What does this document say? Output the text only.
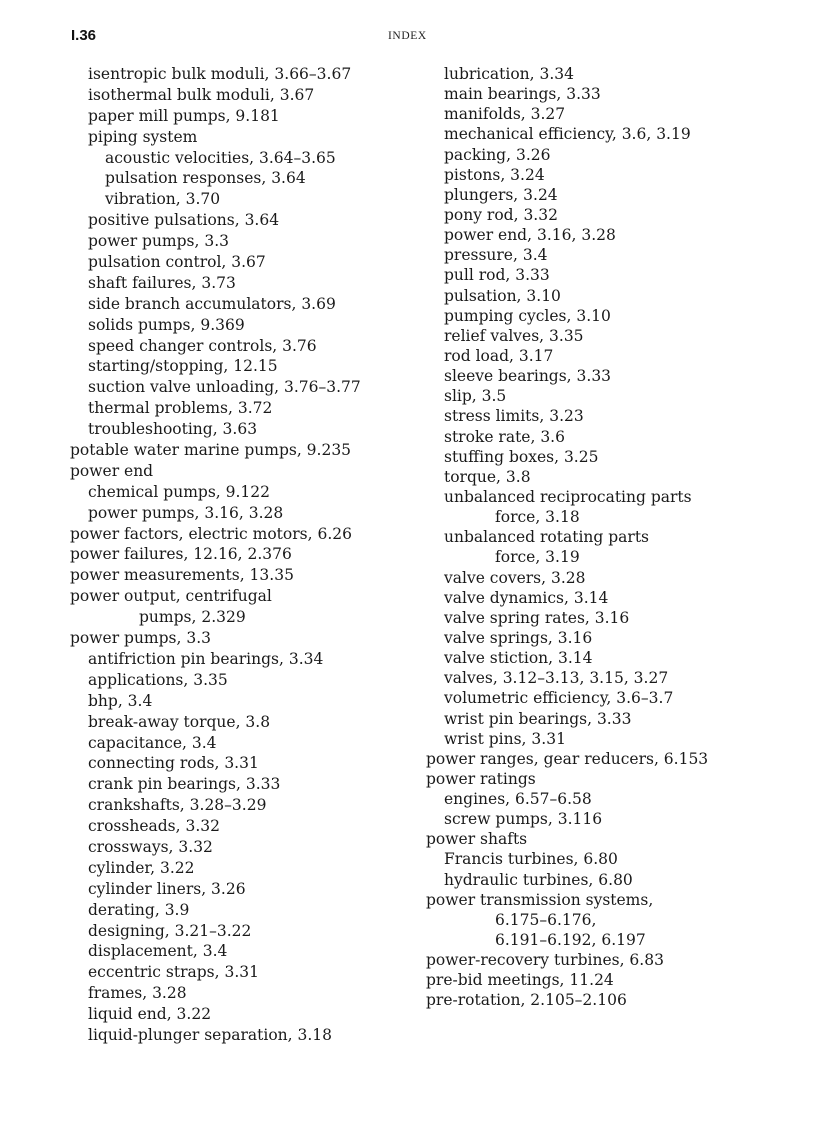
I.36	INDEX
isentropic bulk moduli, 3.66–3.67
isothermal bulk moduli, 3.67
paper mill pumps, 9.181
piping system
acoustic velocities, 3.64–3.65
pulsation responses, 3.64
vibration, 3.70
positive pulsations, 3.64
power pumps, 3.3
pulsation control, 3.67
shaft failures, 3.73
side branch accumulators, 3.69
solids pumps, 9.369
speed changer controls, 3.76
starting/stopping, 12.15
suction valve unloading, 3.76–3.77
thermal problems, 3.72
troubleshooting, 3.63
potable water marine pumps, 9.235
power end
chemical pumps, 9.122
power pumps, 3.16, 3.28
power factors, electric motors, 6.26
power failures, 12.16, 2.376
power measurements, 13.35
power output, centrifugal
pumps, 2.329
power pumps, 3.3
antifriction pin bearings, 3.34
applications, 3.35
bhp, 3.4
break-away torque, 3.8
capacitance, 3.4
connecting rods, 3.31
crank pin bearings, 3.33
crankshafts, 3.28–3.29
crossheads, 3.32
crossways, 3.32
cylinder, 3.22
cylinder liners, 3.26
derating, 3.9
designing, 3.21–3.22
displacement, 3.4
eccentric straps, 3.31
frames, 3.28
liquid end, 3.22
liquid-plunger separation, 3.18
lubrication, 3.34
main bearings, 3.33
manifolds, 3.27
mechanical efficiency, 3.6, 3.19
packing, 3.26
pistons, 3.24
plungers, 3.24
pony rod, 3.32
power end, 3.16, 3.28
pressure, 3.4
pull rod, 3.33
pulsation, 3.10
pumping cycles, 3.10
relief valves, 3.35
rod load, 3.17
sleeve bearings, 3.33
slip, 3.5
stress limits, 3.23
stroke rate, 3.6
stuffing boxes, 3.25
torque, 3.8
unbalanced reciprocating parts
force, 3.18
unbalanced rotating parts
force, 3.19
valve covers, 3.28
valve dynamics, 3.14
valve spring rates, 3.16
valve springs, 3.16
valve stiction, 3.14
valves, 3.12–3.13, 3.15, 3.27
volumetric efficiency, 3.6–3.7
wrist pin bearings, 3.33
wrist pins, 3.31
power ranges, gear reducers, 6.153
power ratings
engines, 6.57–6.58
screw pumps, 3.116
power shafts
Francis turbines, 6.80
hydraulic turbines, 6.80
power transmission systems,
6.175–6.176,
6.191–6.192, 6.197
power-recovery turbines, 6.83
pre-bid meetings, 11.24
pre-rotation, 2.105–2.106
